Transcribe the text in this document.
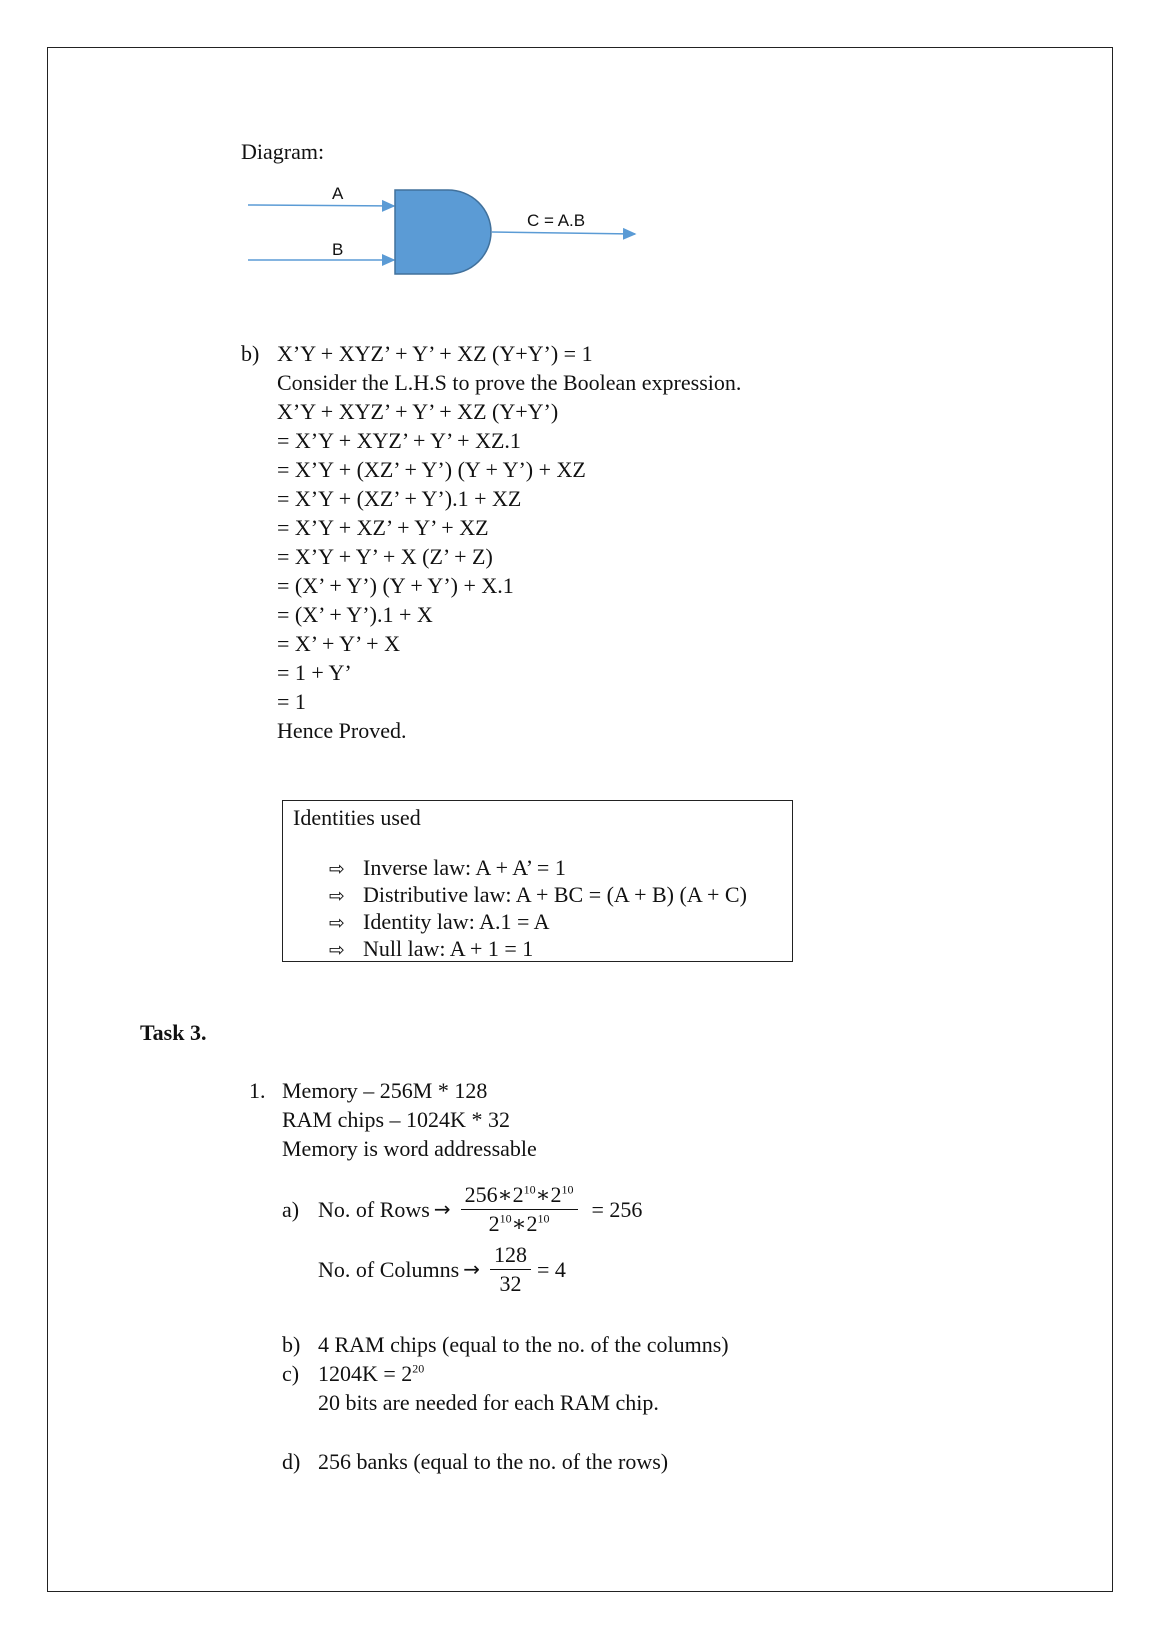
Diagram:
A
B
C = A.B
b) X’Y + XYZ’ + Y’ + XZ (Y+Y’) = 1
Consider the L.H.S to prove the Boolean expression.
X’Y + XYZ’ + Y’ + XZ (Y+Y’)
= X’Y + XYZ’ + Y’ + XZ.1
= X’Y + (XZ’ + Y’) (Y + Y’) + XZ
= X’Y + (XZ’ + Y’).1 + XZ
= X’Y + XZ’ + Y’ + XZ
= X’Y + Y’ + X (Z’ + Z)
= (X’ + Y’) (Y + Y’) + X.1
= (X’ + Y’).1 + X
= X’ + Y’ + X
= 1 + Y’
= 1
Hence Proved.
Identities used
⇨ Inverse law: A + A’ = 1
⇨ Distributive law: A + BC = (A + B) (A + C)
⇨ Identity law: A.1 = A
⇨ Null law: A + 1 = 1
Task 3.
1. Memory – 256M * 128
RAM chips – 1024K * 32
Memory is word addressable
a) No. of Rows → $\frac{256∗2^{10}∗2^{10}}{2^{10}∗2^{10}} = 256$
No. of Columns → $\frac{128}{32} = 4$
b) 4 RAM chips (equal to the no. of the columns)
c) $1204K = 2^{20}$
20 bits are needed for each RAM chip.
d) 256 banks (equal to the no. of the rows)
